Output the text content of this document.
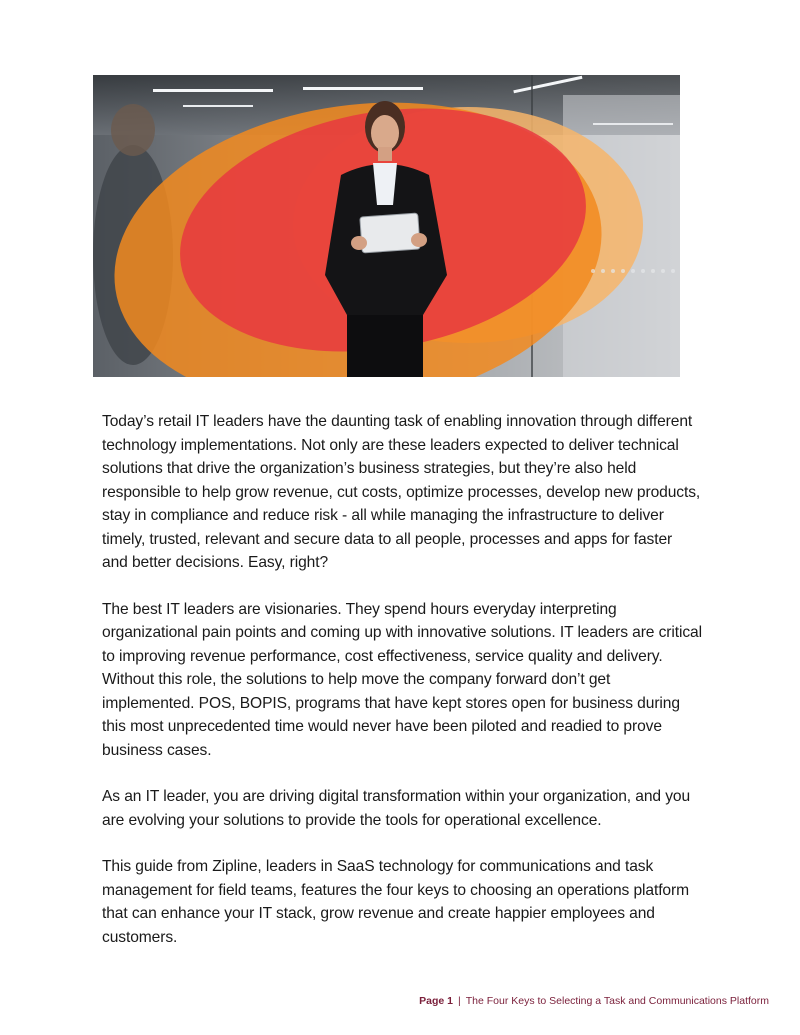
Today’s retail IT leaders have the daunting task of enabling innovation through different technology implementations. Not only are these leaders expected to deliver technical solutions that drive the organization’s business strategies, but they’re also held responsible to help grow revenue, cut costs, optimize processes, develop new products, stay in compliance and reduce risk - all while managing the infrastructure to deliver timely, trusted, relevant and secure data to all people, processes and apps for faster and better decisions. Easy, right?

The best IT leaders are visionaries. They spend hours everyday interpreting organizational pain points and coming up with innovative solutions. IT leaders are critical to improving revenue performance, cost effectiveness, service quality and delivery. Without this role, the solutions to help move the company forward don’t get implemented. POS, BOPIS, programs that have kept stores open for business during this most unprecedented time would never have been piloted and readied to prove business cases.

As an IT leader, you are driving digital transformation within your organization, and you are evolving your solutions to provide the tools for operational excellence.

This guide from Zipline, leaders in SaaS technology for communications and task management for field teams, features the four keys to choosing an operations platform that can enhance your IT stack, grow revenue and create happier employees and customers.

Page 1 | The Four Keys to Selecting a Task and Communications Platform
